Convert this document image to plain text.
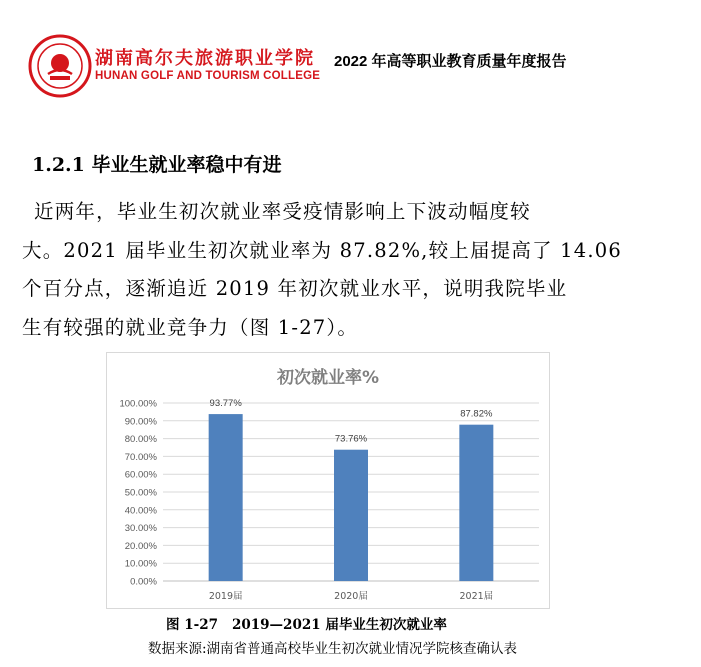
湖南高尔夫旅游职业学院
HUNAN GOLF AND TOURISM COLLEGE
2022 年高等职业教育质量年度报告
1.2.1 毕业生就业率稳中有进

近两年，毕业生初次就业率受疫情影响上下波动幅度较

大。2021 届毕业生初次就业率为 87.82%,较上届提高了 14.06

个百分点，逐渐追近 2019 年初次就业水平，说明我院毕业

生有较强的就业竞争力（图 1-27）。

初次就业率%
0.00%
10.00%
20.00%
30.00%
40.00%
50.00%
60.00%
70.00%
80.00%
90.00%
100.00%	93.77%
2019届
73.76%
2020届
87.82%
2021届
图 1-27 2019—2021 届毕业生初次就业率
数据来源:湖南省普通高校毕业生初次就业情况学院核查确认表
